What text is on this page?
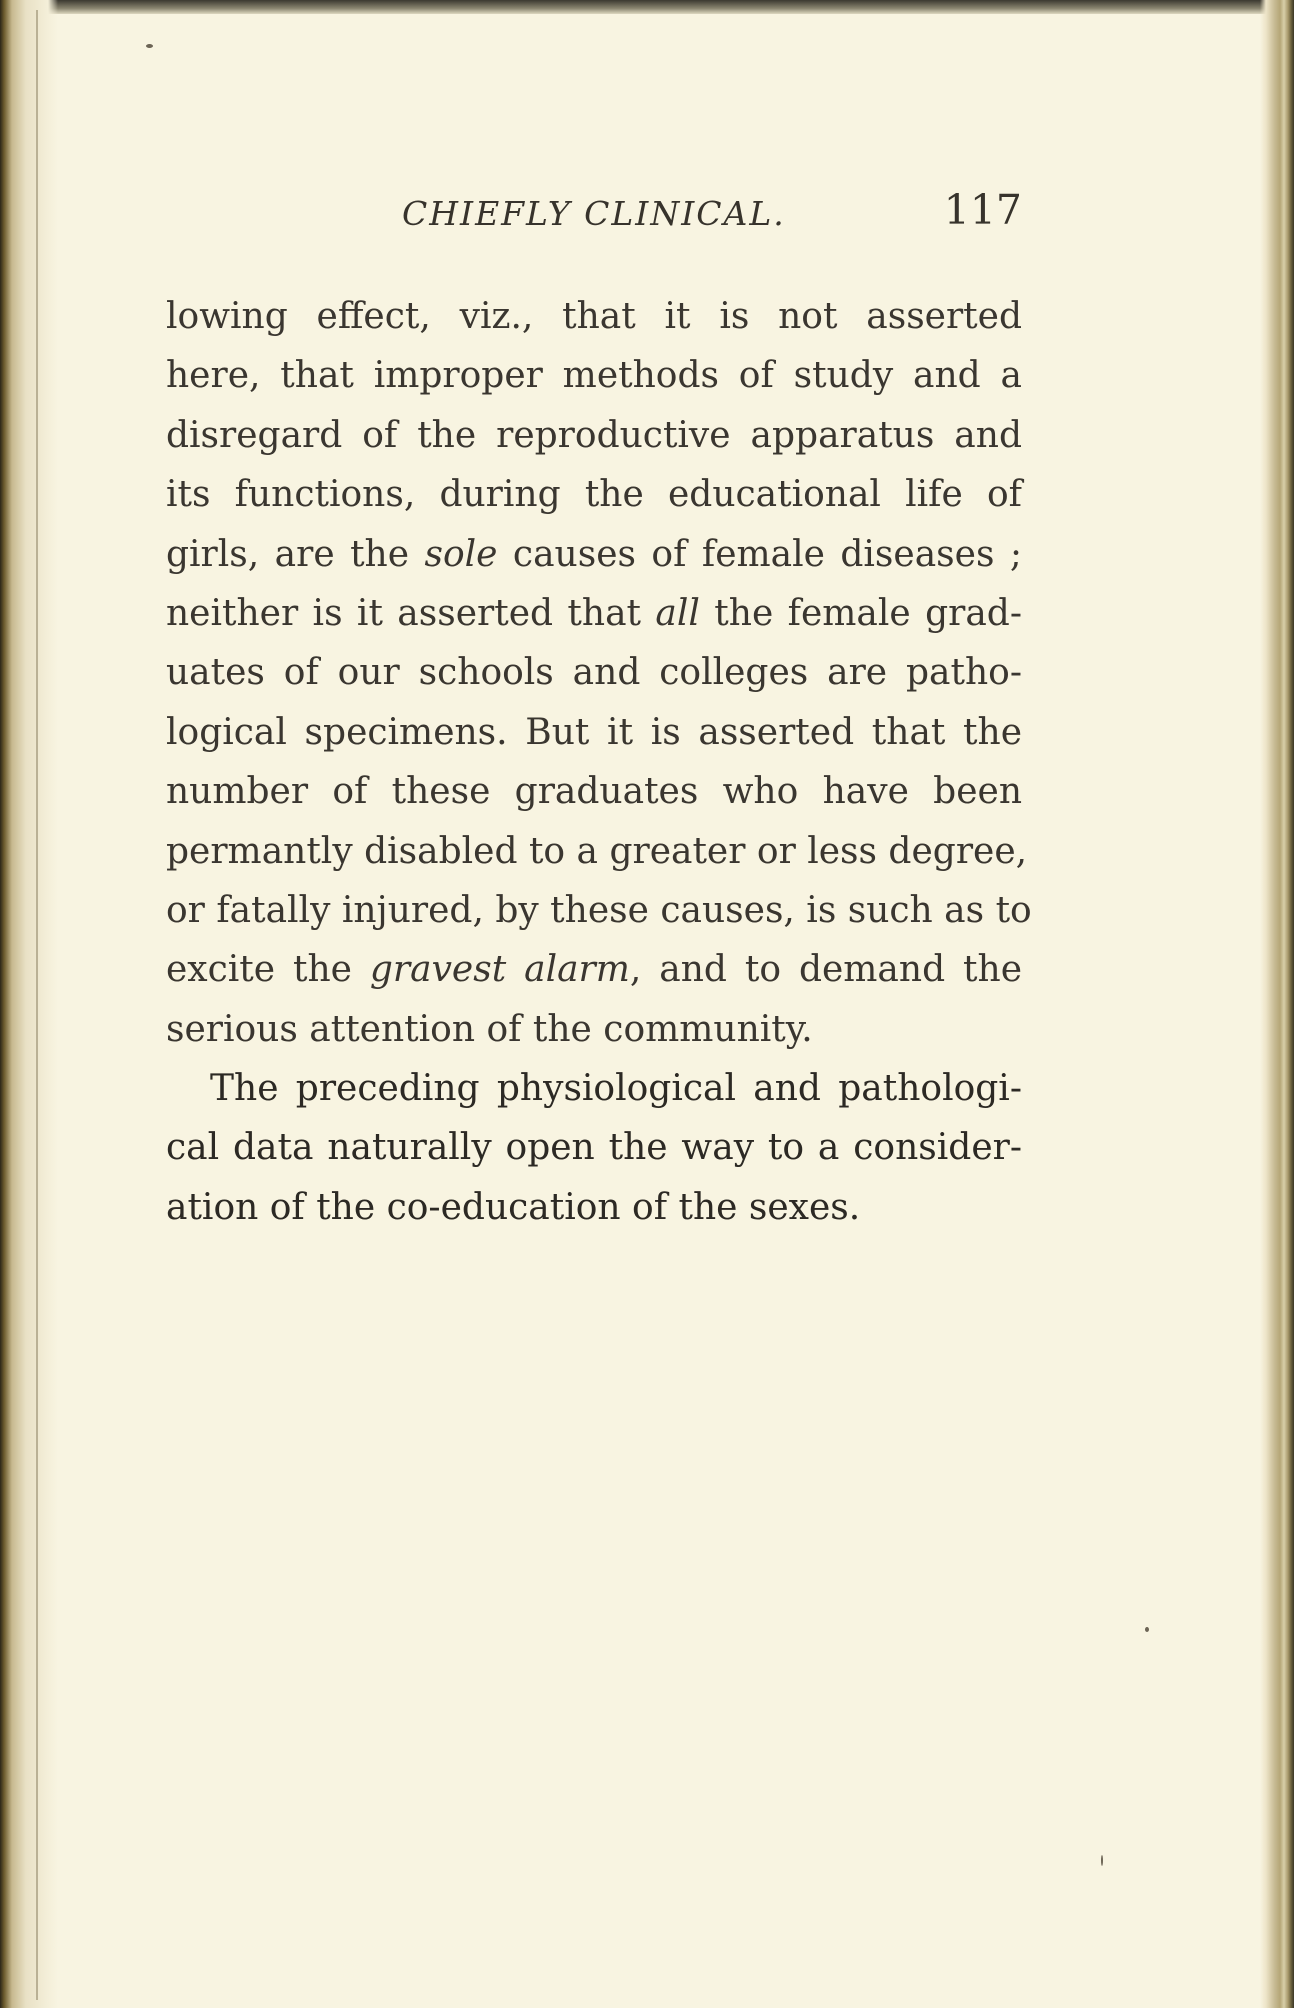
CHIEFLY CLINICAL.	117
lowing effect, viz., that it is not asserted
here, that improper methods of study and a
disregard of the reproductive apparatus and
its functions, during the educational life of
girls, are the sole causes of female diseases ;
neither is it asserted that all the female grad-
uates of our schools and colleges are patho-
logical specimens. But it is asserted that the
number of these graduates who have been
permantly disabled to a greater or less degree,
or fatally injured, by these causes, is such as to
excite the gravest alarm, and to demand the
serious attention of the community.
The preceding physiological and pathologi-
cal data naturally open the way to a consider-
ation of the co-education of the sexes.
